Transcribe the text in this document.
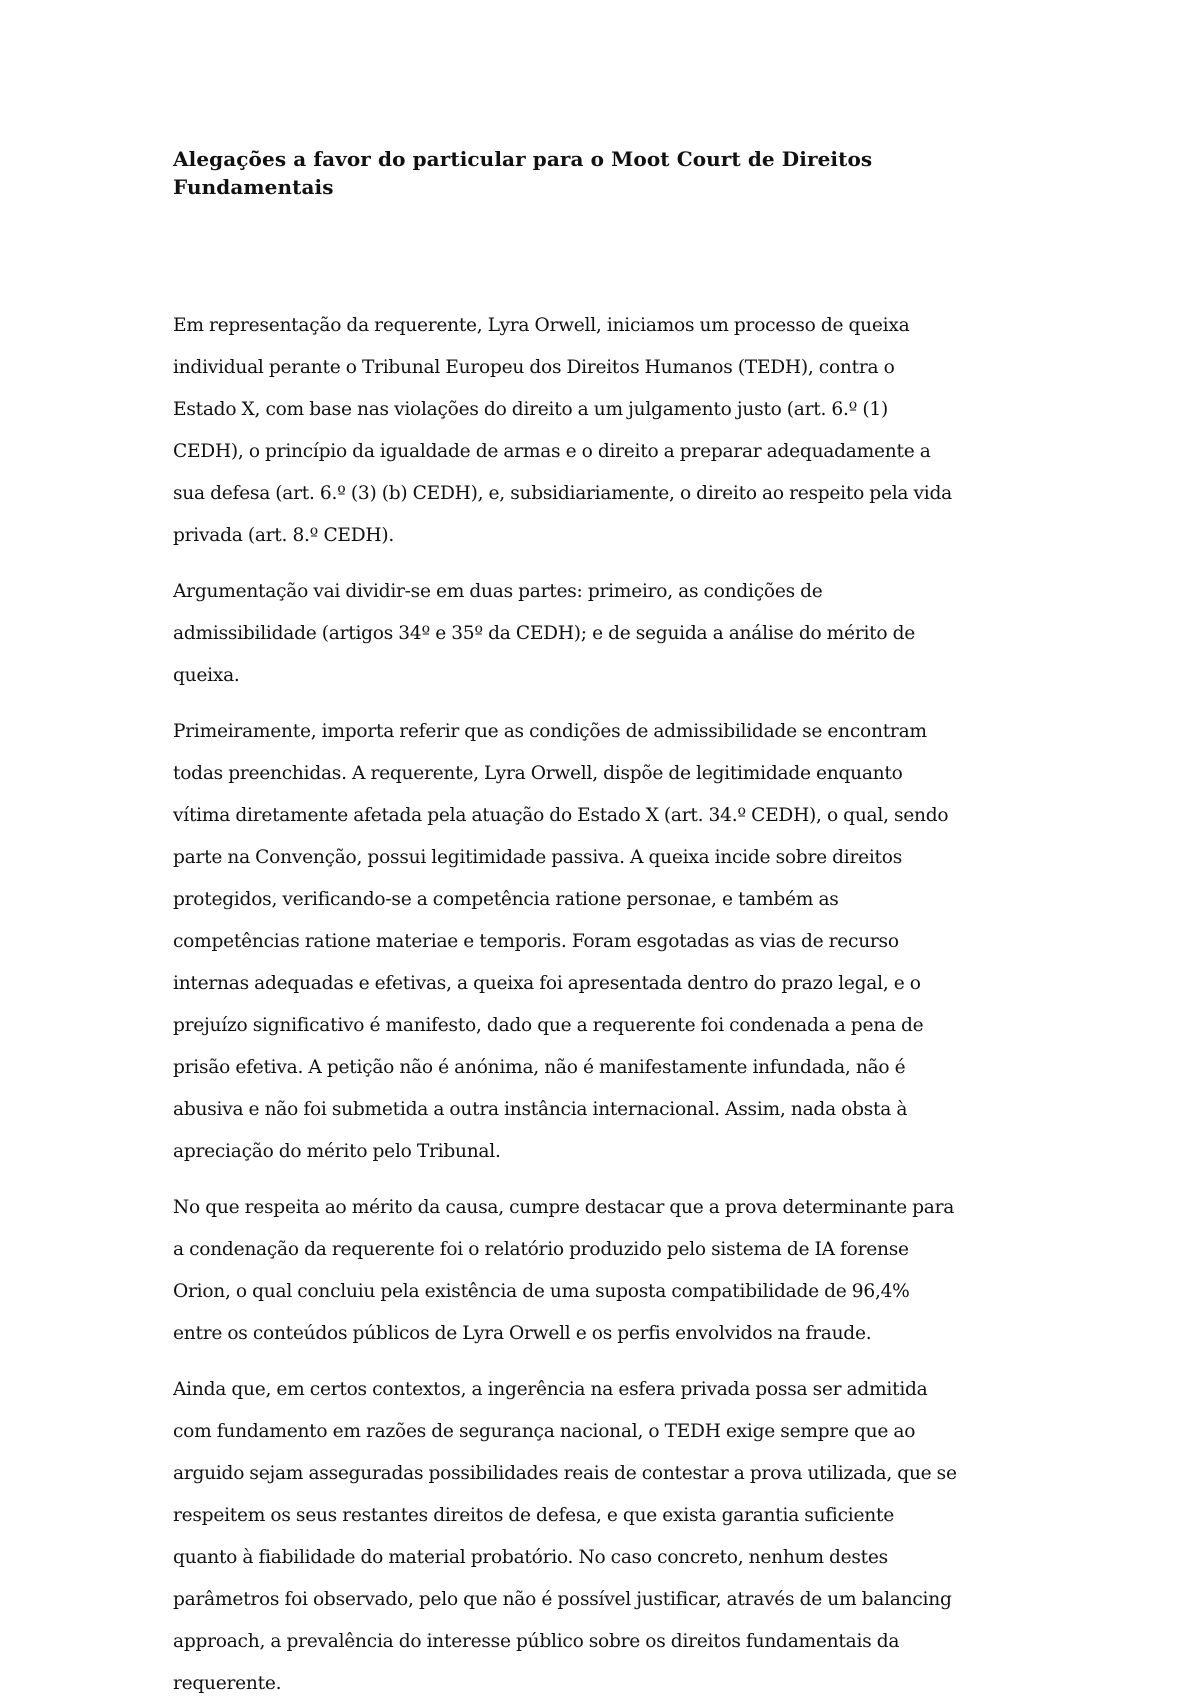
Alegações a favor do particular para o Moot Court de Direitos Fundamentais

Em representação da requerente, Lyra Orwell, iniciamos um processo de queixa individual perante o Tribunal Europeu dos Direitos Humanos (TEDH), contra o Estado X, com base nas violações do direito a um julgamento justo (art. 6.º (1) CEDH), o princípio da igualdade de armas e o direito a preparar adequadamente a sua defesa (art. 6.º (3) (b) CEDH), e, subsidiariamente, o direito ao respeito pela vida privada (art. 8.º CEDH).

Argumentação vai dividir-se em duas partes: primeiro, as condições de admissibilidade (artigos 34º e 35º da CEDH); e de seguida a análise do mérito de queixa.

Primeiramente, importa referir que as condições de admissibilidade se encontram todas preenchidas. A requerente, Lyra Orwell, dispõe de legitimidade enquanto vítima diretamente afetada pela atuação do Estado X (art. 34.º CEDH), o qual, sendo parte na Convenção, possui legitimidade passiva. A queixa incide sobre direitos protegidos, verificando-se a competência ratione personae, e também as competências ratione materiae e temporis. Foram esgotadas as vias de recurso internas adequadas e efetivas, a queixa foi apresentada dentro do prazo legal, e o prejuízo significativo é manifesto, dado que a requerente foi condenada a pena de prisão efetiva. A petição não é anónima, não é manifestamente infundada, não é abusiva e não foi submetida a outra instância internacional. Assim, nada obsta à apreciação do mérito pelo Tribunal.

No que respeita ao mérito da causa, cumpre destacar que a prova determinante para a condenação da requerente foi o relatório produzido pelo sistema de IA forense Orion, o qual concluiu pela existência de uma suposta compatibilidade de 96,4% entre os conteúdos públicos de Lyra Orwell e os perfis envolvidos na fraude.

Ainda que, em certos contextos, a ingerência na esfera privada possa ser admitida com fundamento em razões de segurança nacional, o TEDH exige sempre que ao arguido sejam asseguradas possibilidades reais de contestar a prova utilizada, que se respeitem os seus restantes direitos de defesa, e que exista garantia suficiente quanto à fiabilidade do material probatório. No caso concreto, nenhum destes parâmetros foi observado, pelo que não é possível justificar, através de um balancing approach, a prevalência do interesse público sobre os direitos fundamentais da requerente.
